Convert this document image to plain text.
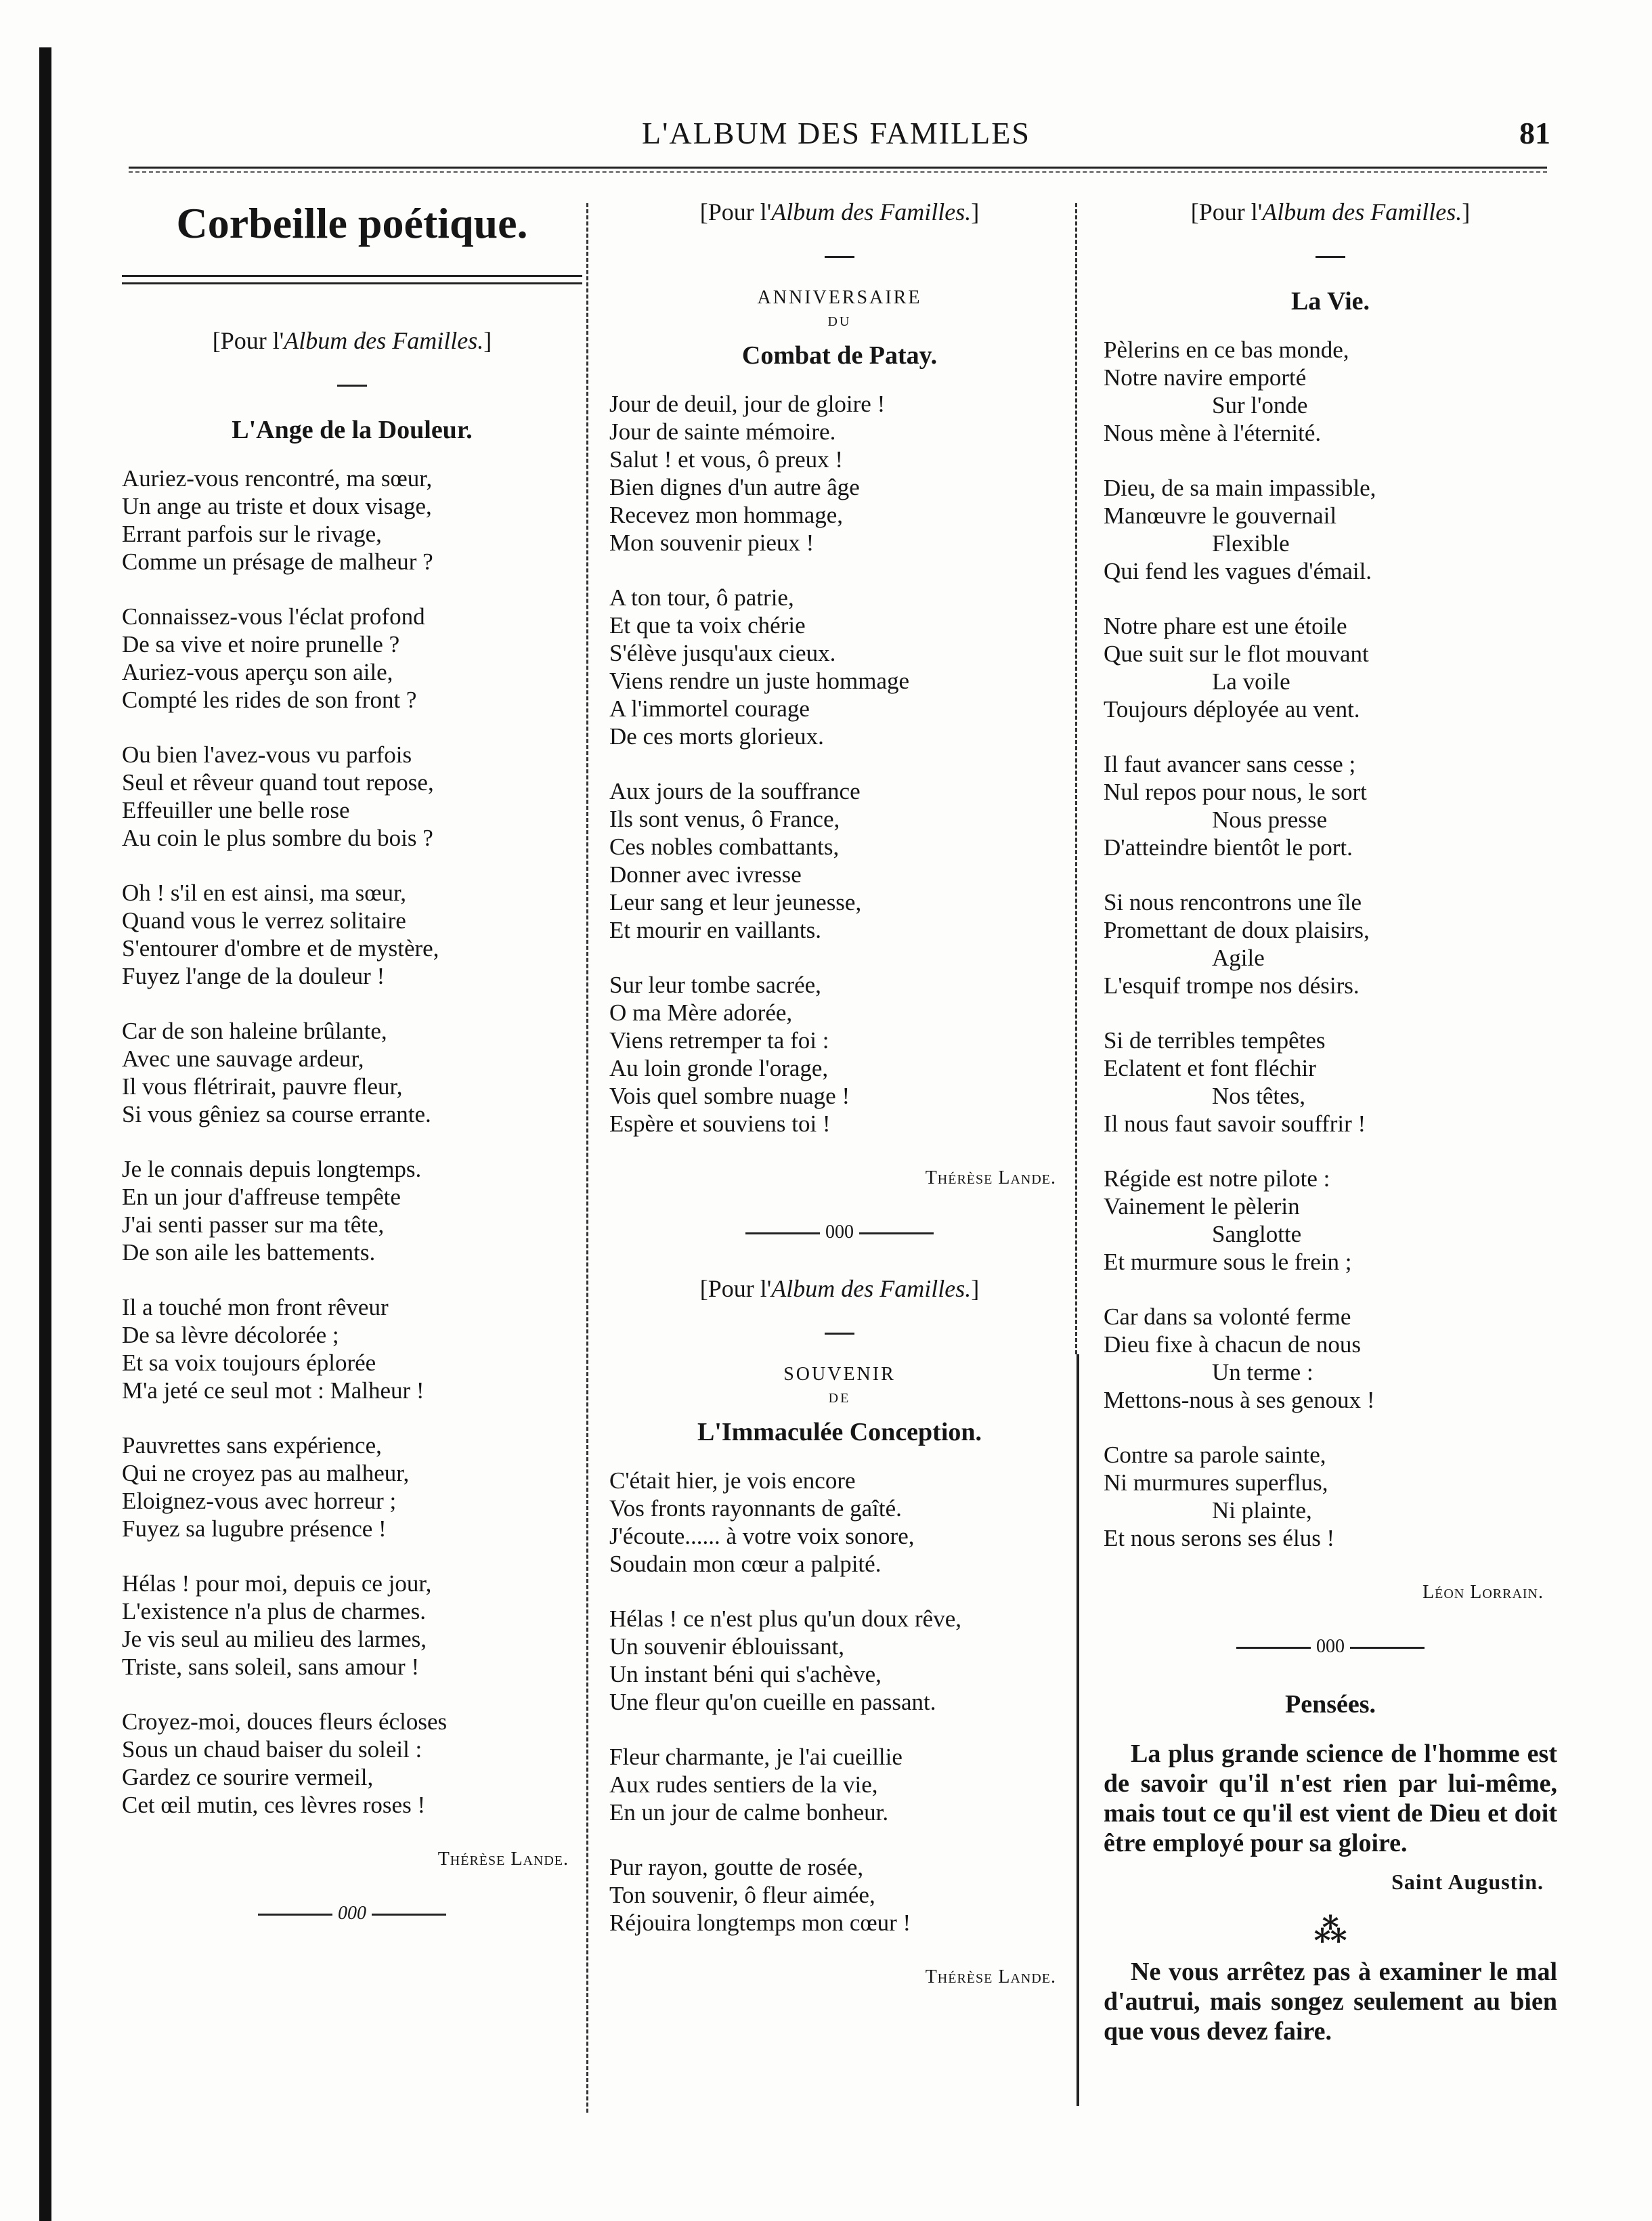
L'ALBUM DES FAMILLES	81
Corbeille poétique.
[Pour l'Album des Familles.]
L'Ange de la Douleur.
Auriez-vous rencontré, ma sœur,
Un ange au triste et doux visage,
Errant parfois sur le rivage,
Comme un présage de malheur ?
Connaissez-vous l'éclat profond
De sa vive et noire prunelle ?
Auriez-vous aperçu son aile,
Compté les rides de son front ?
Ou bien l'avez-vous vu parfois
Seul et rêveur quand tout repose,
Effeuiller une belle rose
Au coin le plus sombre du bois ?
Oh ! s'il en est ainsi, ma sœur,
Quand vous le verrez solitaire
S'entourer d'ombre et de mystère,
Fuyez l'ange de la douleur !
Car de son haleine brûlante,
Avec une sauvage ardeur,
Il vous flétrirait, pauvre fleur,
Si vous gêniez sa course errante.
Je le connais depuis longtemps.
En un jour d'affreuse tempête
J'ai senti passer sur ma tête,
De son aile les battements.
Il a touché mon front rêveur
De sa lèvre décolorée ;
Et sa voix toujours éplorée
M'a jeté ce seul mot : Malheur !
Pauvrettes sans expérience,
Qui ne croyez pas au malheur,
Eloignez-vous avec horreur ;
Fuyez sa lugubre présence !
Hélas ! pour moi, depuis ce jour,
L'existence n'a plus de charmes.
Je vis seul au milieu des larmes,
Triste, sans soleil, sans amour !
Croyez-moi, douces fleurs écloses
Sous un chaud baiser du soleil :
Gardez ce sourire vermeil,
Cet œil mutin, ces lèvres roses !
Thérèse Lande.
000
[Pour l'Album des Familles.]
ANNIVERSAIRE
DU
Combat de Patay.
Jour de deuil, jour de gloire !
Jour de sainte mémoire.
Salut ! et vous, ô preux !
Bien dignes d'un autre âge
Recevez mon hommage,
Mon souvenir pieux !
A ton tour, ô patrie,
Et que ta voix chérie
S'élève jusqu'aux cieux.
Viens rendre un juste hommage
A l'immortel courage
De ces morts glorieux.
Aux jours de la souffrance
Ils sont venus, ô France,
Ces nobles combattants,
Donner avec ivresse
Leur sang et leur jeunesse,
Et mourir en vaillants.
Sur leur tombe sacrée,
O ma Mère adorée,
Viens retremper ta foi :
Au loin gronde l'orage,
Vois quel sombre nuage !
Espère et souviens toi !
Thérèse Lande.
000
[Pour l'Album des Familles.]
SOUVENIR
DE
L'Immaculée Conception.
C'était hier, je vois encore
Vos fronts rayonnants de gaîté.
J'écoute...... à votre voix sonore,
Soudain mon cœur a palpité.
Hélas ! ce n'est plus qu'un doux rêve,
Un souvenir éblouissant,
Un instant béni qui s'achève,
Une fleur qu'on cueille en passant.
Fleur charmante, je l'ai cueillie
Aux rudes sentiers de la vie,
En un jour de calme bonheur.
Pur rayon, goutte de rosée,
Ton souvenir, ô fleur aimée,
Réjouira longtemps mon cœur !
Thérèse Lande.
[Pour l'Album des Familles.]
La Vie.
Pèlerins en ce bas monde,
Notre navire emporté
Sur l'onde
Nous mène à l'éternité.
Dieu, de sa main impassible,
Manœuvre le gouvernail
Flexible
Qui fend les vagues d'émail.
Notre phare est une étoile
Que suit sur le flot mouvant
La voile
Toujours déployée au vent.
Il faut avancer sans cesse ;
Nul repos pour nous, le sort
Nous presse
D'atteindre bientôt le port.
Si nous rencontrons une île
Promettant de doux plaisirs,
Agile
L'esquif trompe nos désirs.
Si de terribles tempêtes
Eclatent et font fléchir
Nos têtes,
Il nous faut savoir souffrir !
Régide est notre pilote :
Vainement le pèlerin
Sanglotte
Et murmure sous le frein ;
Car dans sa volonté ferme
Dieu fixe à chacun de nous
Un terme :
Mettons-nous à ses genoux !
Contre sa parole sainte,
Ni murmures superflus,
Ni plainte,
Et nous serons ses élus !
Léon Lorrain.
000
Pensées.

La plus grande science de l'homme est de savoir qu'il n'est rien par lui-même, mais tout ce qu'il est vient de Dieu et doit être employé pour sa gloire.

Saint Augustin.
⁂

Ne vous arrêtez pas à examiner le mal d'autrui, mais songez seulement au bien que vous devez faire.
